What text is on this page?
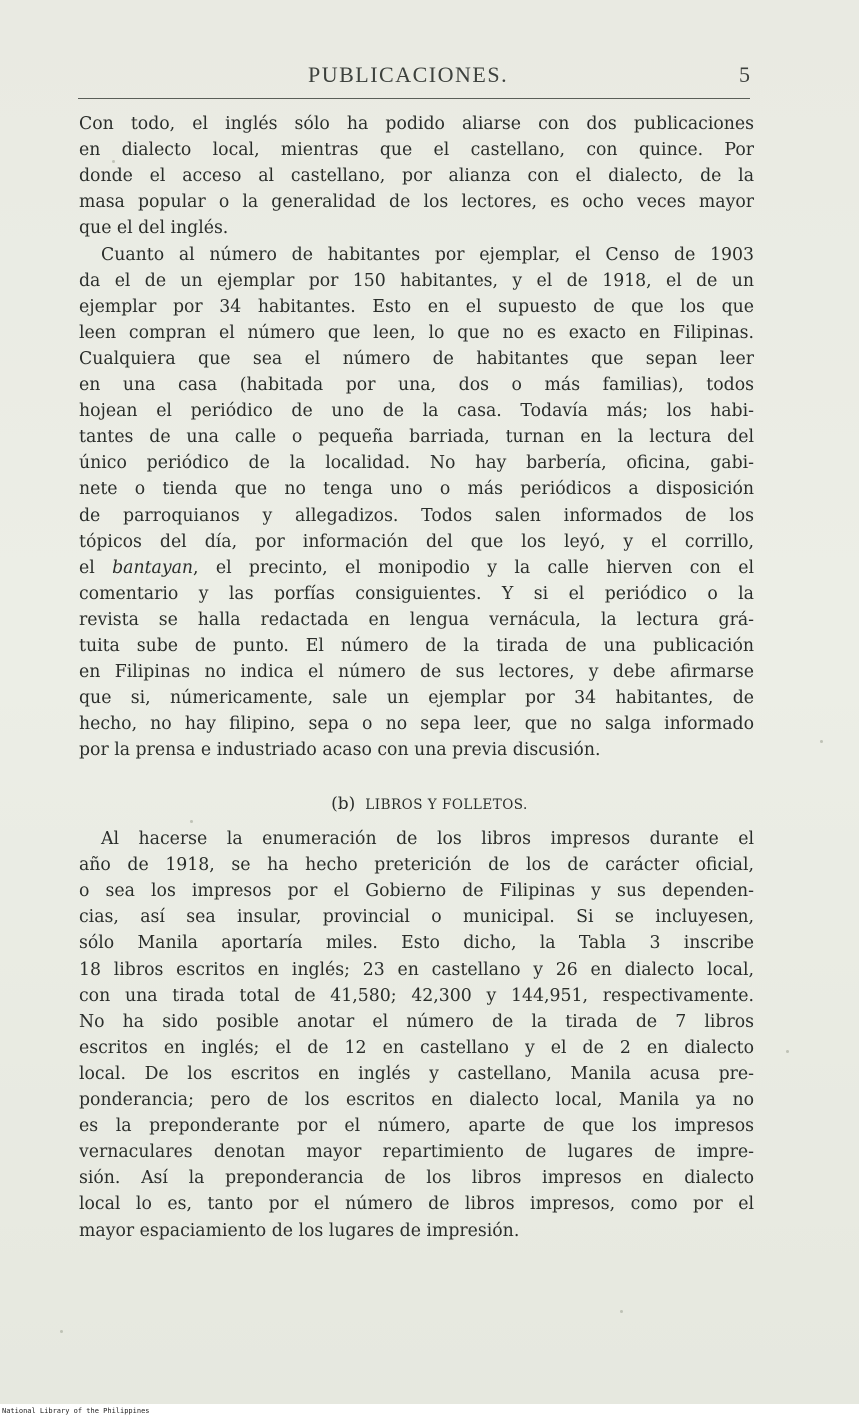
PUBLICACIONES.	5
Con todo, el inglés sólo ha podido aliarse con dos publicaciones
en dialecto local, mientras que el castellano, con quince. Por
donde el acceso al castellano, por alianza con el dialecto, de la
masa popular o la generalidad de los lectores, es ocho veces mayor
que el del inglés.
Cuanto al número de habitantes por ejemplar, el Censo de 1903
da el de un ejemplar por 150 habitantes, y el de 1918, el de un
ejemplar por 34 habitantes. Esto en el supuesto de que los que
leen compran el número que leen, lo que no es exacto en Filipinas.
Cualquiera que sea el número de habitantes que sepan leer
en una casa (habitada por una, dos o más familias), todos
hojean el periódico de uno de la casa. Todavía más; los habi-
tantes de una calle o pequeña barriada, turnan en la lectura del
único periódico de la localidad. No hay barbería, oficina, gabi-
nete o tienda que no tenga uno o más periódicos a disposición
de parroquianos y allegadizos. Todos salen informados de los
tópicos del día, por información del que los leyó, y el corrillo,
el bantayan, el precinto, el monipodio y la calle hierven con el
comentario y las porfías consiguientes. Y si el periódico o la
revista se halla redactada en lengua vernácula, la lectura grá-
tuita sube de punto. El número de la tirada de una publicación
en Filipinas no indica el número de sus lectores, y debe afirmarse
que si, númericamente, sale un ejemplar por 34 habitantes, de
hecho, no hay filipino, sepa o no sepa leer, que no salga informado
por la prensa e industriado acaso con una previa discusión.
(b) LIBROS Y FOLLETOS.
Al hacerse la enumeración de los libros impresos durante el
año de 1918, se ha hecho preterición de los de carácter oficial,
o sea los impresos por el Gobierno de Filipinas y sus dependen-
cias, así sea insular, provincial o municipal. Si se incluyesen,
sólo Manila aportaría miles. Esto dicho, la Tabla 3 inscribe
18 libros escritos en inglés; 23 en castellano y 26 en dialecto local,
con una tirada total de 41,580; 42,300 y 144,951, respectivamente.
No ha sido posible anotar el número de la tirada de 7 libros
escritos en inglés; el de 12 en castellano y el de 2 en dialecto
local. De los escritos en inglés y castellano, Manila acusa pre-
ponderancia; pero de los escritos en dialecto local, Manila ya no
es la preponderante por el número, aparte de que los impresos
vernaculares denotan mayor repartimiento de lugares de impre-
sión. Así la preponderancia de los libros impresos en dialecto
local lo es, tanto por el número de libros impresos, como por el
mayor espaciamiento de los lugares de impresión.
National Library of the Philippines
